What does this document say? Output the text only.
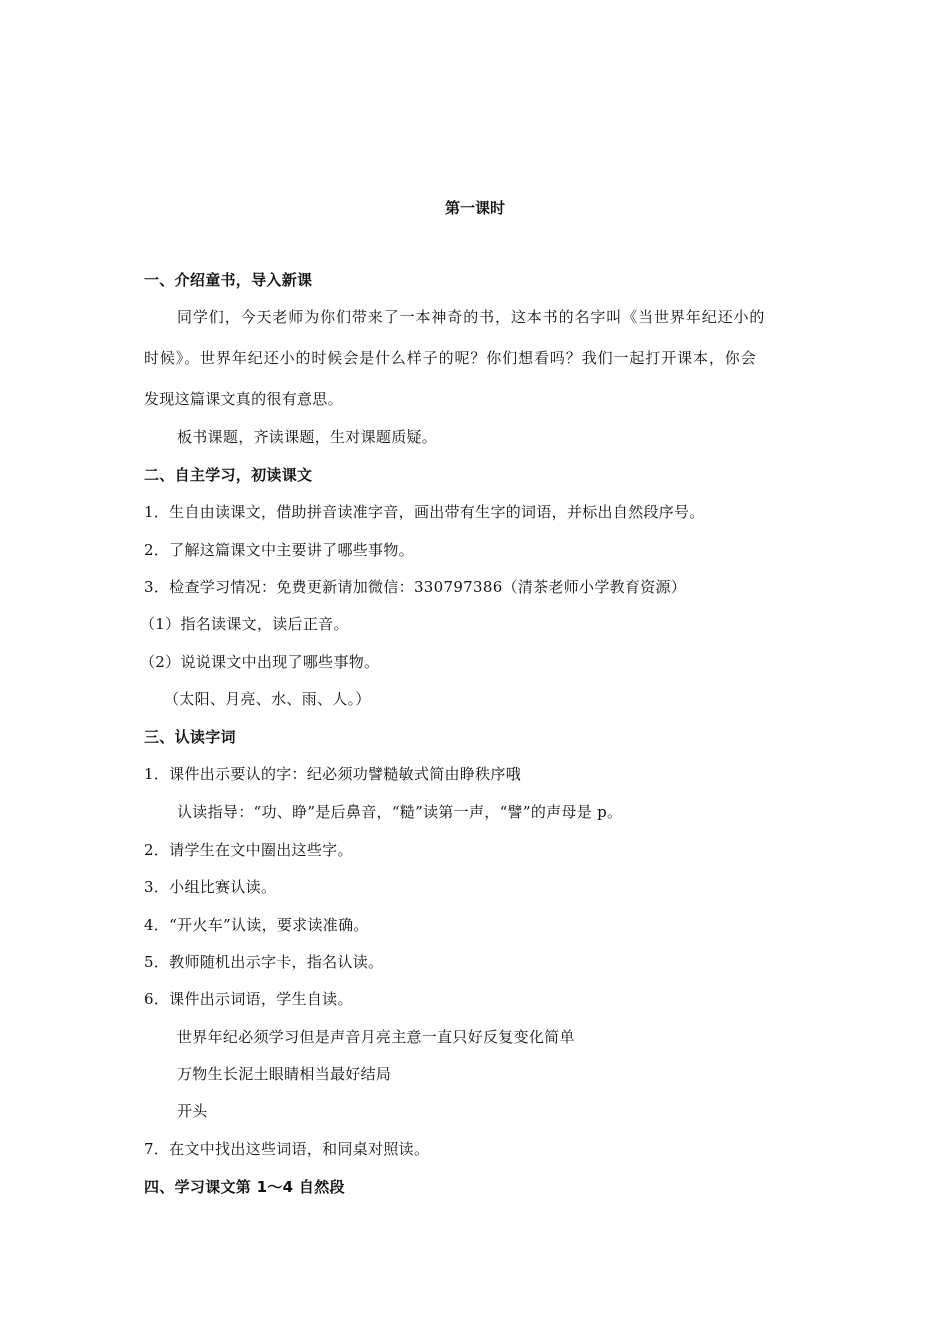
第一课时
一、介绍童书，导入新课
同学们，今天老师为你们带来了一本神奇的书，这本书的名字叫《当世界年纪还小的
时候》。世界年纪还小的时候会是什么样子的呢？你们想看吗？我们一起打开课本，你会
发现这篇课文真的很有意思。
板书课题，齐读课题，生对课题质疑。
二、自主学习，初读课文
1．生自由读课文，借助拼音读准字音，画出带有生字的词语，并标出自然段序号。
2．了解这篇课文中主要讲了哪些事物。
3．检查学习情况：免费更新请加微信：330797386（清茶老师小学教育资源）
（1）指名读课文，读后正音。
（2）说说课文中出现了哪些事物。
（太阳、月亮、水、雨、人。）
三、认读字词
1．课件出示要认的字：纪必须功譬糙敏式简由睁秩序哦
认读指导：“功、睁”是后鼻音，“糙”读第一声，“譬”的声母是 p。
2．请学生在文中圈出这些字。
3．小组比赛认读。
4．“开火车”认读，要求读准确。
5．教师随机出示字卡，指名认读。
6．课件出示词语，学生自读。
世界年纪必须学习但是声音月亮主意一直只好反复变化简单
万物生长泥土眼睛相当最好结局
开头
7．在文中找出这些词语，和同桌对照读。
四、学习课文第 1～4 自然段
